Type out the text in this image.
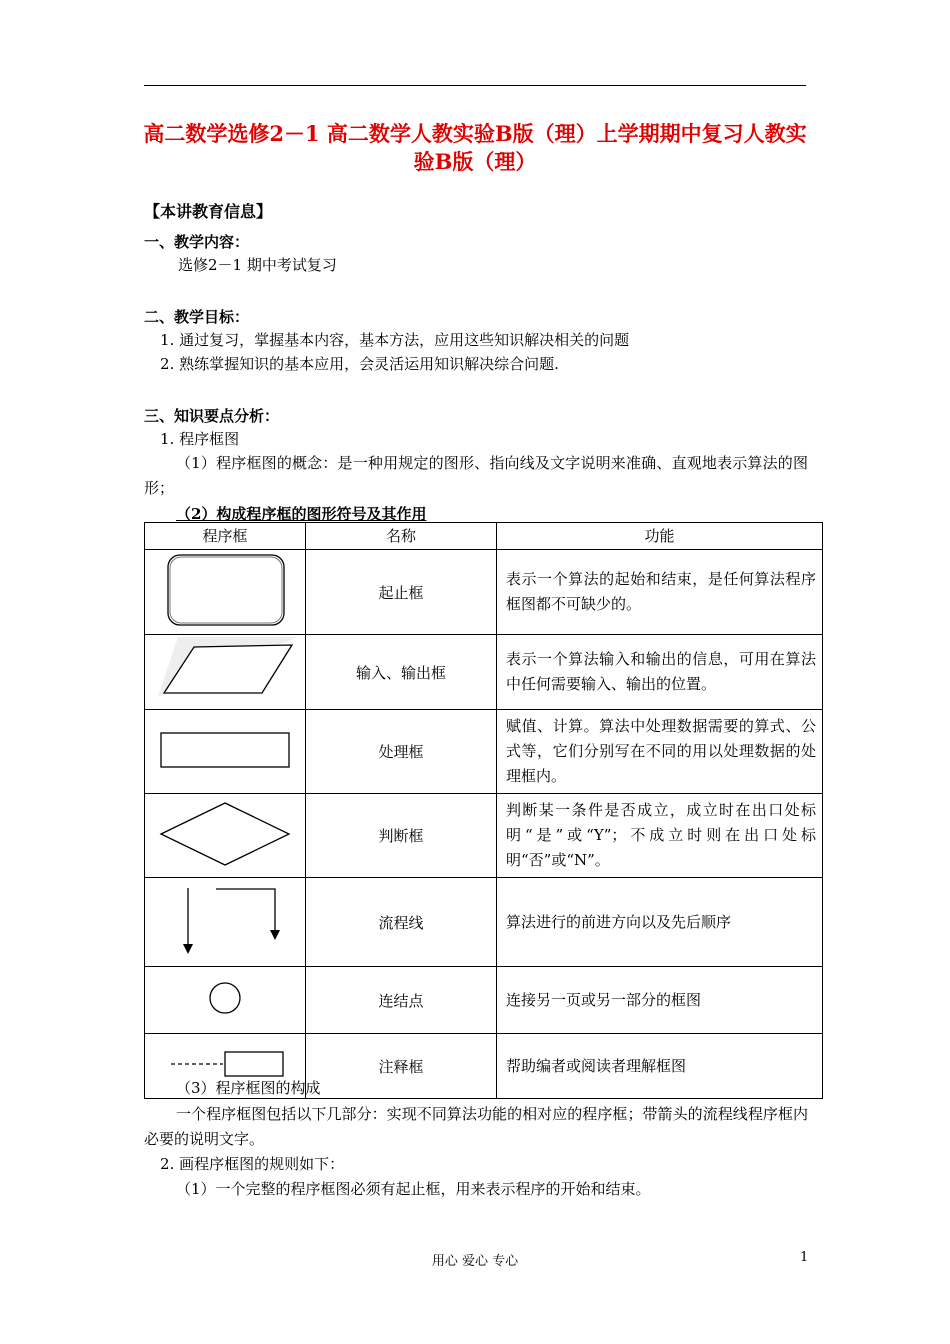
高二数学选修2－1 高二数学人教实验B版（理）上学期期中复习人教实验B版（理）
【本讲教育信息】
一、教学内容：
选修2－1 期中考试复习
二、教学目标：
1. 通过复习，掌握基本内容，基本方法，应用这些知识解决相关的问题
2. 熟练掌握知识的基本应用，会灵活运用知识解决综合问题.
三、知识要点分析：
1. 程序框图
（1）程序框图的概念：是一种用规定的图形、指向线及文字说明来准确、直观地表示算法的图形；
（2）构成程序框的图形符号及其作用
程序框	名称	功能
	起止框	表示一个算法的起始和结束，是任何算法程序框图都不可缺少的。
	输入、输出框	表示一个算法输入和输出的信息，可用在算法中任何需要输入、输出的位置。
	处理框	赋值、计算。算法中处理数据需要的算式、公式等，它们分别写在不同的用以处理数据的处理框内。
	判断框	判断某一条件是否成立，成立时在出口处标明“是”或“Y”；不成立时则在出口处标明“否”或“N”。
	流程线	算法进行的前进方向以及先后顺序
	连结点	连接另一页或另一部分的框图
	注释框	帮助编者或阅读者理解框图
（3）程序框图的构成
一个程序框图包括以下几部分：实现不同算法功能的相对应的程序框；带箭头的流程线程序框内必要的说明文字。
2. 画程序框图的规则如下：
（1）一个完整的程序框图必须有起止框，用来表示程序的开始和结束。
用心 爱心 专心	1
